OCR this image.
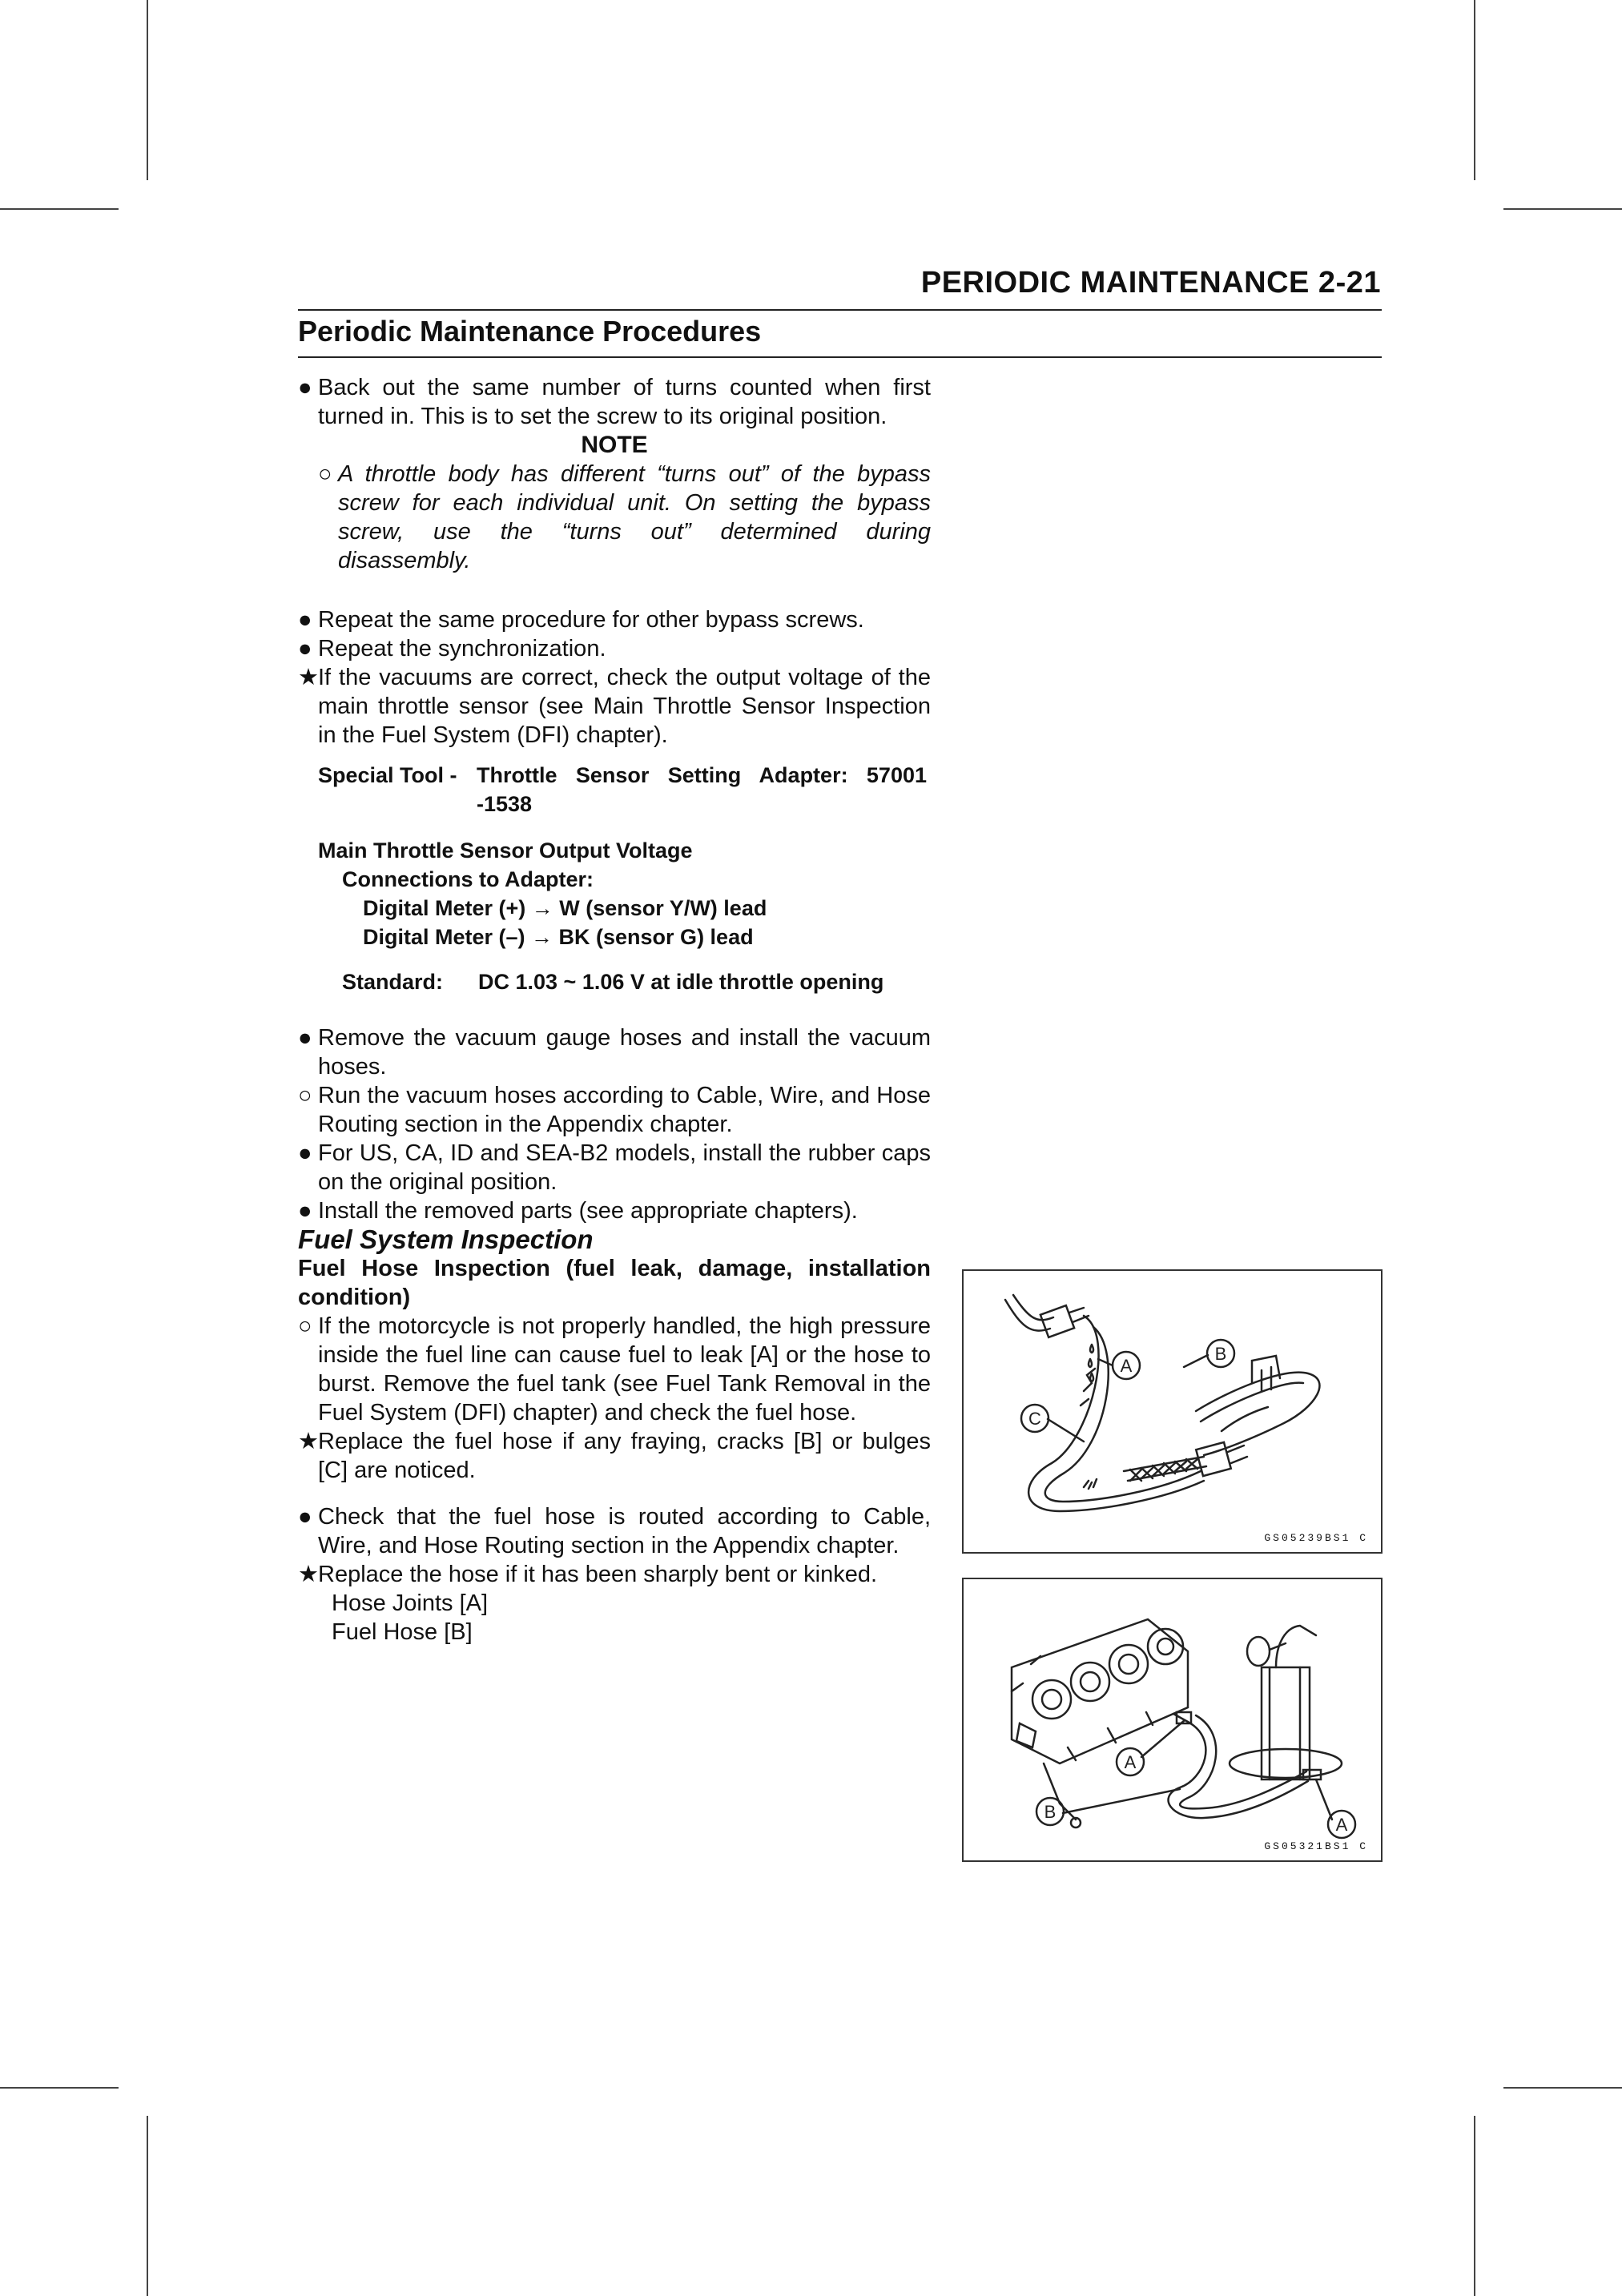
PERIODIC MAINTENANCE 2-21
Periodic Maintenance Procedures

● Back out the same number of turns counted when first turned in. This is to set the screw to its original position.

NOTE

○ A throttle body has different “turns out” of the bypass screw for each individual unit. On setting the bypass screw, use the “turns out” determined during disassembly.

● Repeat the same procedure for other bypass screws.

● Repeat the synchronization.

★ If the vacuums are correct, check the output voltage of the main throttle sensor (see Main Throttle Sensor Inspection in the Fuel System (DFI) chapter).

Special Tool - Throttle Sensor Setting Adapter: 57001 -1538

Main Throttle Sensor Output Voltage

Connections to Adapter:

Digital Meter (+) → W (sensor Y/W) lead

Digital Meter (–) → BK (sensor G) lead

Standard: DC 1.03 ~ 1.06 V at idle throttle opening

● Remove the vacuum gauge hoses and install the vacuum hoses.

○ Run the vacuum hoses according to Cable, Wire, and Hose Routing section in the Appendix chapter.

● For US, CA, ID and SEA-B2 models, install the rubber caps on the original position.

● Install the removed parts (see appropriate chapters).

Fuel System Inspection

Fuel Hose Inspection (fuel leak, damage, installation condition)

○ If the motorcycle is not properly handled, the high pressure inside the fuel line can cause fuel to leak [A] or the hose to burst. Remove the fuel tank (see Fuel Tank Removal in the Fuel System (DFI) chapter) and check the fuel hose.

★ Replace the fuel hose if any fraying, cracks [B] or bulges [C] are noticed.

● Check that the fuel hose is routed according to Cable, Wire, and Hose Routing section in the Appendix chapter.

★ Replace the hose if it has been sharply bent or kinked.

Hose Joints [A]

Fuel Hose [B]

A
B
C
GS05239BS1 C
A
A
B
GS05321BS1 C
